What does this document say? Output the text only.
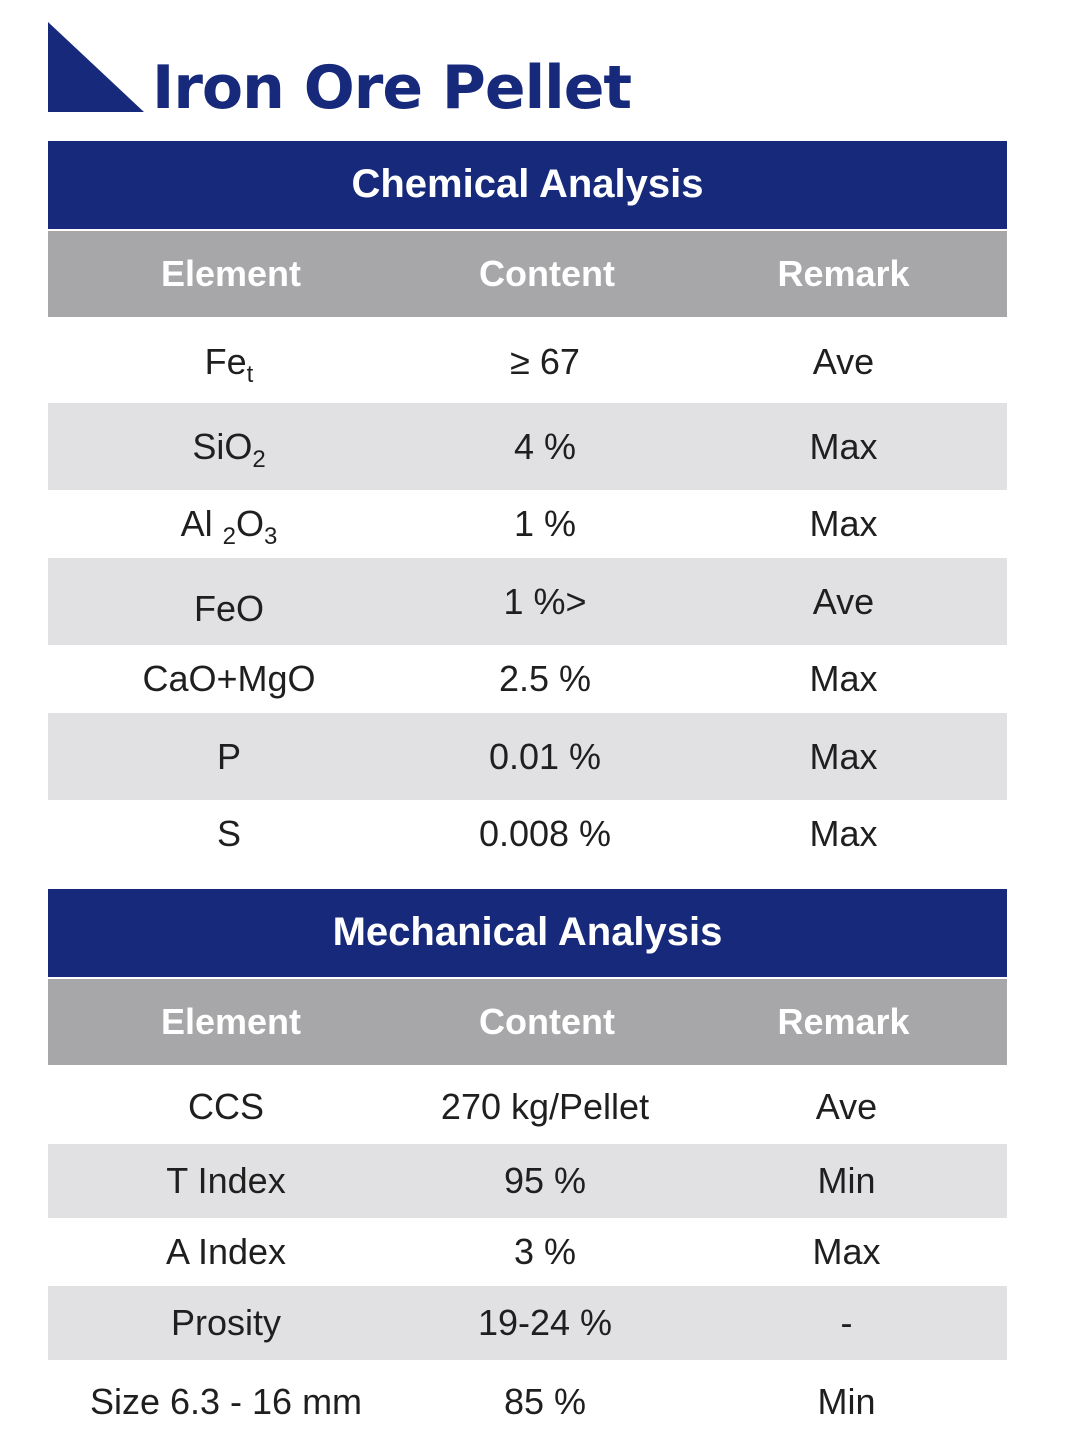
Iron Ore Pellet
Chemical Analysis
Element	Content	Remark
$Fe_t$	≥ 67	Ave
SiO$_2$	4 %	Max
Al $_2O_3$	1 %	Max
FeO	1 %>	Ave
CaO+MgO	2.5 %	Max
P	0.01 %	Max
S	0.008 %	Max
Mechanical Analysis
Element	Content	Remark
CCS	270 kg/Pellet	Ave
T Index	95 %	Min
A Index	3 %	Max
Prosity	19-24 %	-
Size 6.3 - 16 mm	85 %	Min
